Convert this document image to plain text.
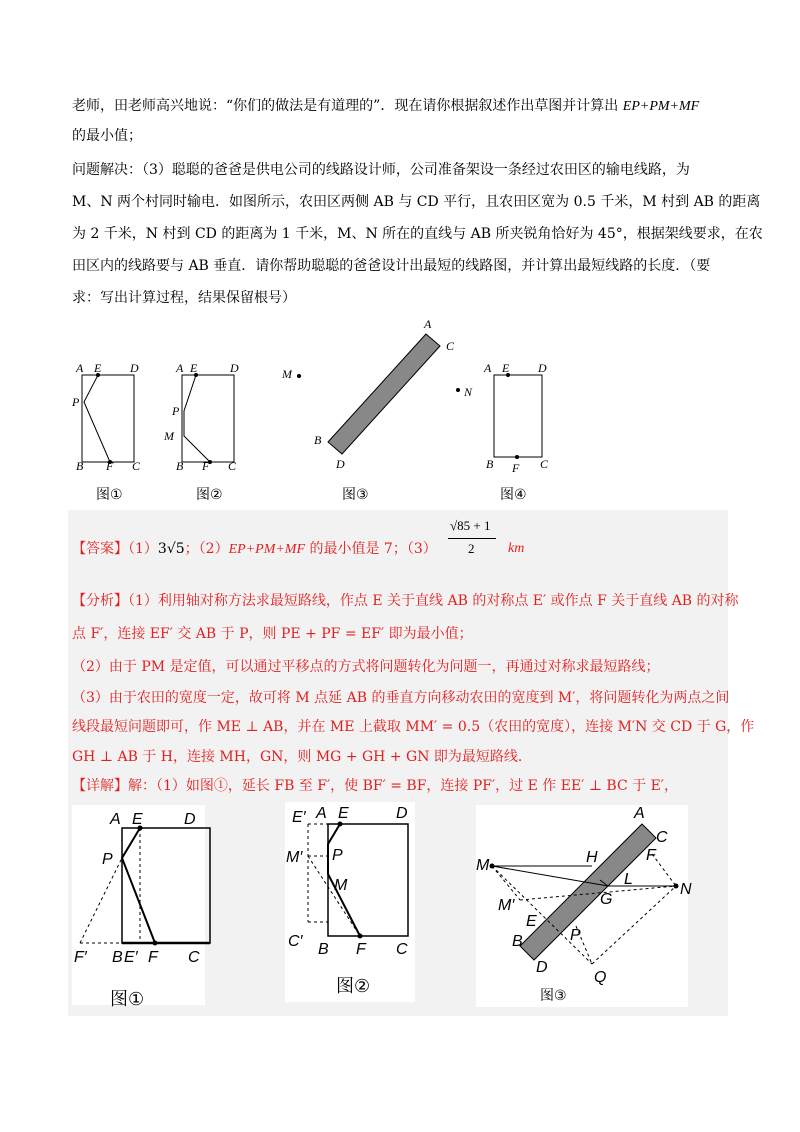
老师，田老师高兴地说：“你们的做法是有道理的”．现在请你根据叙述作出草图并计算出 EP+PM+MF
的最小值；
问题解决：（3）聪聪的爸爸是供电公司的线路设计师，公司准备架设一条经过农田区的输电线路，为
M、N 两个村同时输电．如图所示，农田区两侧 AB 与 CD 平行，且农田区宽为 0.5 千米，M 村到 AB 的距离
为 2 千米，N 村到 CD 的距离为 1 千米，M、N 所在的直线与 AB 所夹锐角恰好为 45°，根据架线要求，在农
田区内的线路要与 AB 垂直．请你帮助聪聪的爸爸设计出最短的线路图，并计算出最短线路的长度．（要
求：写出计算过程，结果保留根号）
A E D
P
B F C
A E	D
P
M
B F C
M
A
C
B
D
N
A E D
B F C
图①	图②	图③	图④
【答案】（1）3√5；（2）EP+PM+MF 的最小值是 7；（3）
√85 + 1
2 km
【分析】（1）利用轴对称方法求最短路线，作点 E 关于直线 AB 的对称点 E′ 或作点 F 关于直线 AB 的对称
点 F′，连接 EF′ 交 AB 于 P，则 PE + PF = EF′ 即为最小值；
（2）由于 PM 是定值，可以通过平移点的方式将问题转化为问题一，再通过对称求最短路线；
（3）由于农田的宽度一定，故可将 M 点延 AB 的垂直方向移动农田的宽度到 M′，将问题转化为两点之间
线段最短问题即可，作 ME ⊥ AB，并在 ME 上截取 MM′ = 0.5（农田的宽度），连接 M′N 交 CD 于 G，作
GH ⊥ AB 于 H，连接 MH，GN，则 MG + GH + GN 即为最短路线．
【详解】解：（1）如图①，延长 FB 至 F′，使 BF′ = BF，连接 PF′，过 E 作 EE′ ⊥ BC 于 E′，
A E	D
P
F′ B E′ F C
E′ A E	D
M′ P
M
C′ B F C
A
C
F
M	H
L
N
G
M′
E
B	P
D
Q
图①
图②	图③
